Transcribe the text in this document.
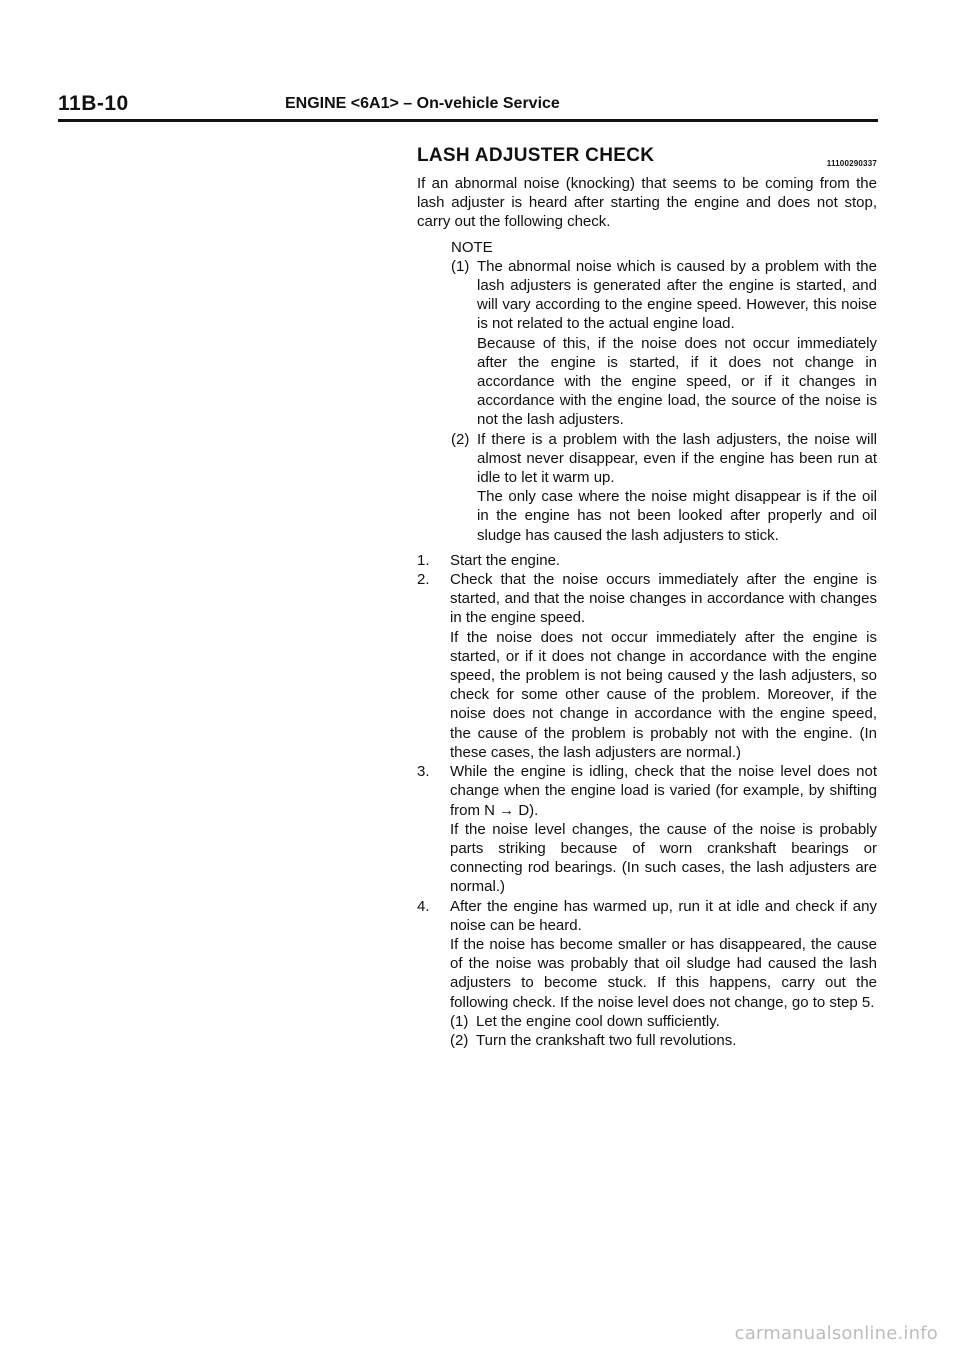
11B-10	ENGINE <6A1> – On-vehicle Service
LASH ADJUSTER CHECK	11100290337

If an abnormal noise (knocking) that seems to be coming from the lash adjuster is heard after starting the engine and does not stop, carry out the following check.

NOTE
(1) The abnormal noise which is caused by a problem with the lash adjusters is generated after the engine is started, and will vary according to the engine speed. However, this noise is not related to the actual engine load.

Because of this, if the noise does not occur immediately after the engine is started, if it does not change in accordance with the engine speed, or if it changes in accordance with the engine load, the source of the noise is not the lash adjusters.

(2) If there is a problem with the lash adjusters, the noise will almost never disappear, even if the engine has been run at idle to let it warm up.

The only case where the noise might disappear is if the oil in the engine has not been looked after properly and oil sludge has caused the lash adjusters to stick.

1.	Start the engine.

2.	Check that the noise occurs immediately after the engine is started, and that the noise changes in accordance with changes in the engine speed.

If the noise does not occur immediately after the engine is started, or if it does not change in accordance with the engine speed, the problem is not being caused y the lash adjusters, so check for some other cause of the problem. Moreover, if the noise does not change in accordance with the engine speed, the cause of the problem is probably not with the engine. (In these cases, the lash adjusters are normal.)

3.	While the engine is idling, check that the noise level does not change when the engine load is varied (for example, by shifting from N → D).

If the noise level changes, the cause of the noise is probably parts striking because of worn crankshaft bearings or connecting rod bearings. (In such cases, the lash adjusters are normal.)

4.	After the engine has warmed up, run it at idle and check if any noise can be heard.

If the noise has become smaller or has disappeared, the cause of the noise was probably that oil sludge had caused the lash adjusters to become stuck. If this happens, carry out the following check. If the noise level does not change, go to step 5.

(1) Let the engine cool down sufficiently.
(2) Turn the crankshaft two full revolutions.
carmanualsonline.info
